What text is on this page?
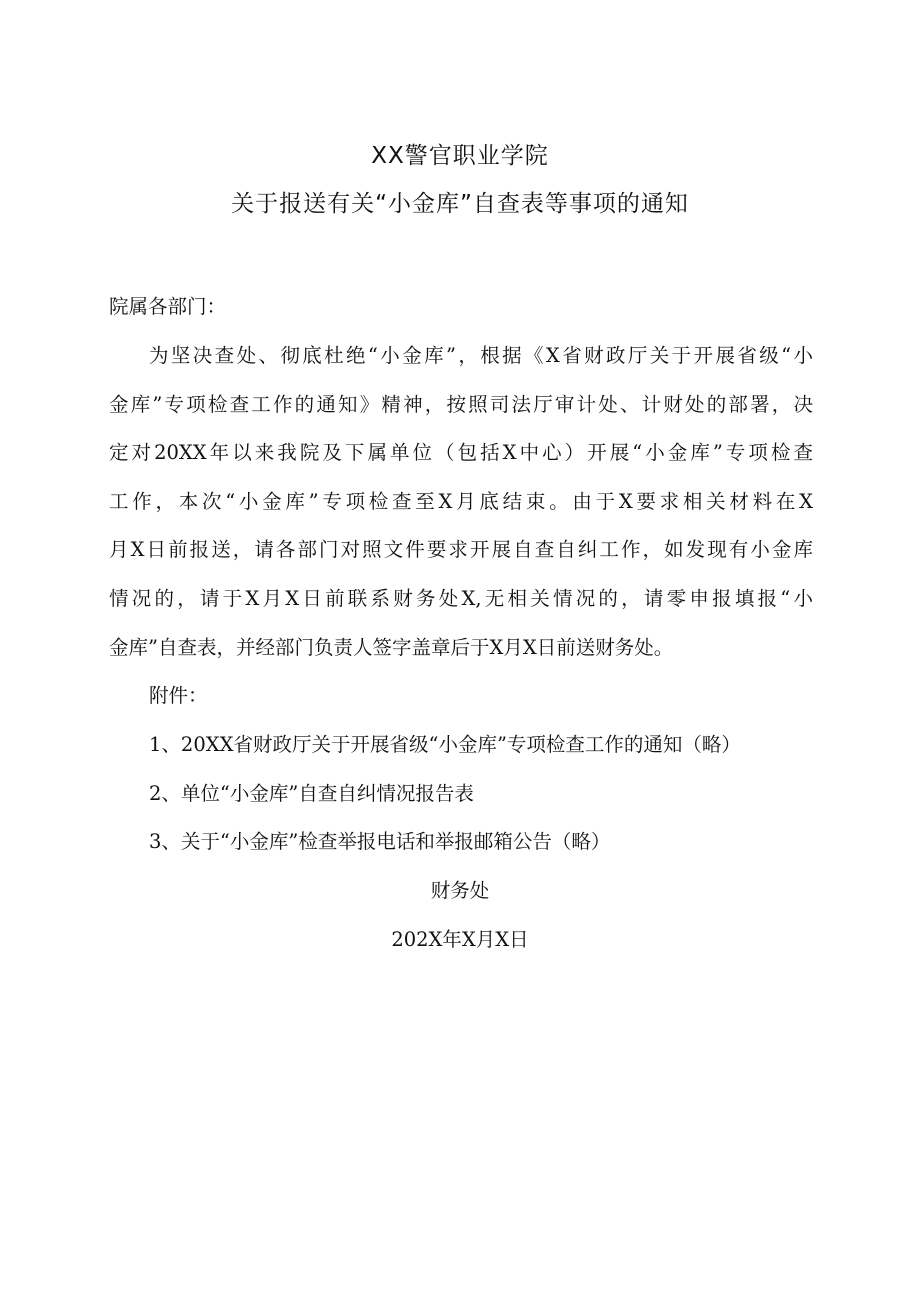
XX警官职业学院
关于报送有关“小金库”自查表等事项的通知
院属各部门：
为坚决查处、彻底杜绝“小金库”，根据《X省财政厅关于开展省级“小
金库”专项检查工作的通知》精神，按照司法厅审计处、计财处的部署，决
定对20XX年以来我院及下属单位（包括X中心）开展“小金库”专项检查
工作，本次“小金库”专项检查至X月底结束。由于X要求相关材料在X
月X日前报送，请各部门对照文件要求开展自查自纠工作，如发现有小金库
情况的，请于X月X日前联系财务处X,无相关情况的，请零申报填报“小
金库”自查表，并经部门负责人签字盖章后于X月X日前送财务处。
附件：
1、20XX省财政厅关于开展省级“小金库”专项检查工作的通知（略）
2、单位“小金库”自查自纠情况报告表
3、关于“小金库”检查举报电话和举报邮箱公告（略）
财务处
202X年X月X日
